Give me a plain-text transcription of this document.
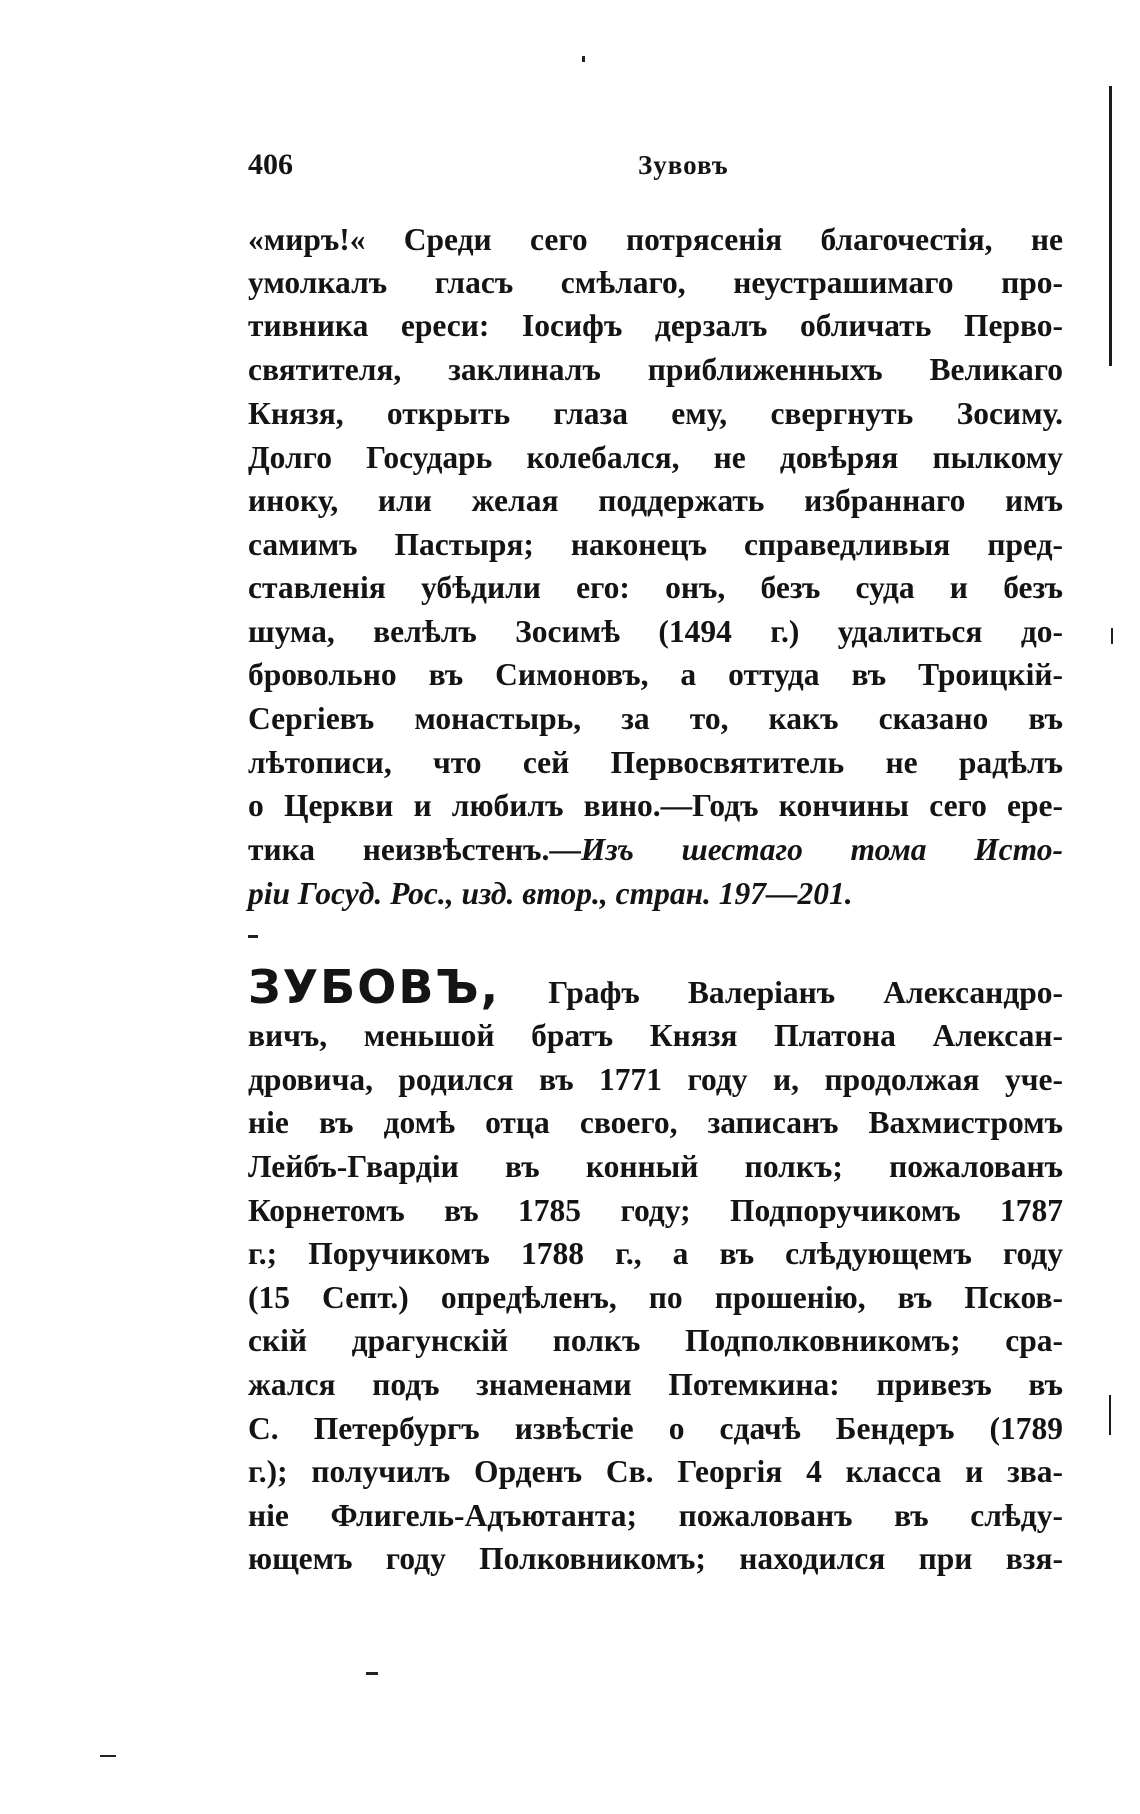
406	Зувовъ
«миръ!« Среди сего потрясенія благочестія, не
умолкалъ гласъ смѣлаго, неустрашимаго про-
тивника ереси: Іосифъ дерзалъ обличать Перво-
святителя, заклиналъ приближенныхъ Великаго
Князя, открыть глаза ему, свергнуть Зосиму.
Долго Государь колебался, не довѣряя пылкому
иноку, или желая поддержать избраннаго имъ
самимъ Пастыря; наконецъ справедливыя пред-
ставленія убѣдили его: онъ, безъ суда и безъ
шума, велѣлъ Зосимѣ (1494 г.) удалиться до-
бровольно въ Симоновъ, а оттуда въ Троицкій-
Сергіевъ монастырь, за то, какъ сказано въ
лѣтописи, что сей Первосвятитель не радѣлъ
о Церкви и любилъ вино.—Годъ кончины сего ере-
тика неизвѣстенъ.—Изъ шестаго тома Исто-
ріи Госуд. Рос., изд. втор., стран. 197—201.
ЗУБОВЪ, Графъ Валеріанъ Александро-
вичъ, меньшой братъ Князя Платона Алексан-
дровича, родился въ 1771 году и, продолжая уче-
ніе въ домѣ отца своего, записанъ Вахмистромъ
Лейбъ-Гвардіи въ конный полкъ; пожалованъ
Корнетомъ въ 1785 году; Подпоручикомъ 1787
г.; Поручикомъ 1788 г., а въ слѣдующемъ году
(15 Септ.) опредѣленъ, по прошенію, въ Псков-
скій драгунскій полкъ Подполковникомъ; сра-
жался подъ знаменами Потемкина: привезъ въ
С. Петербургъ извѣстіе о сдачѣ Бендеръ (1789
г.); получилъ Орденъ Св. Георгія 4 класса и зва-
ніе Флигель-Адъютанта; пожалованъ въ слѣду-
ющемъ году Полковникомъ; находился при взя-
